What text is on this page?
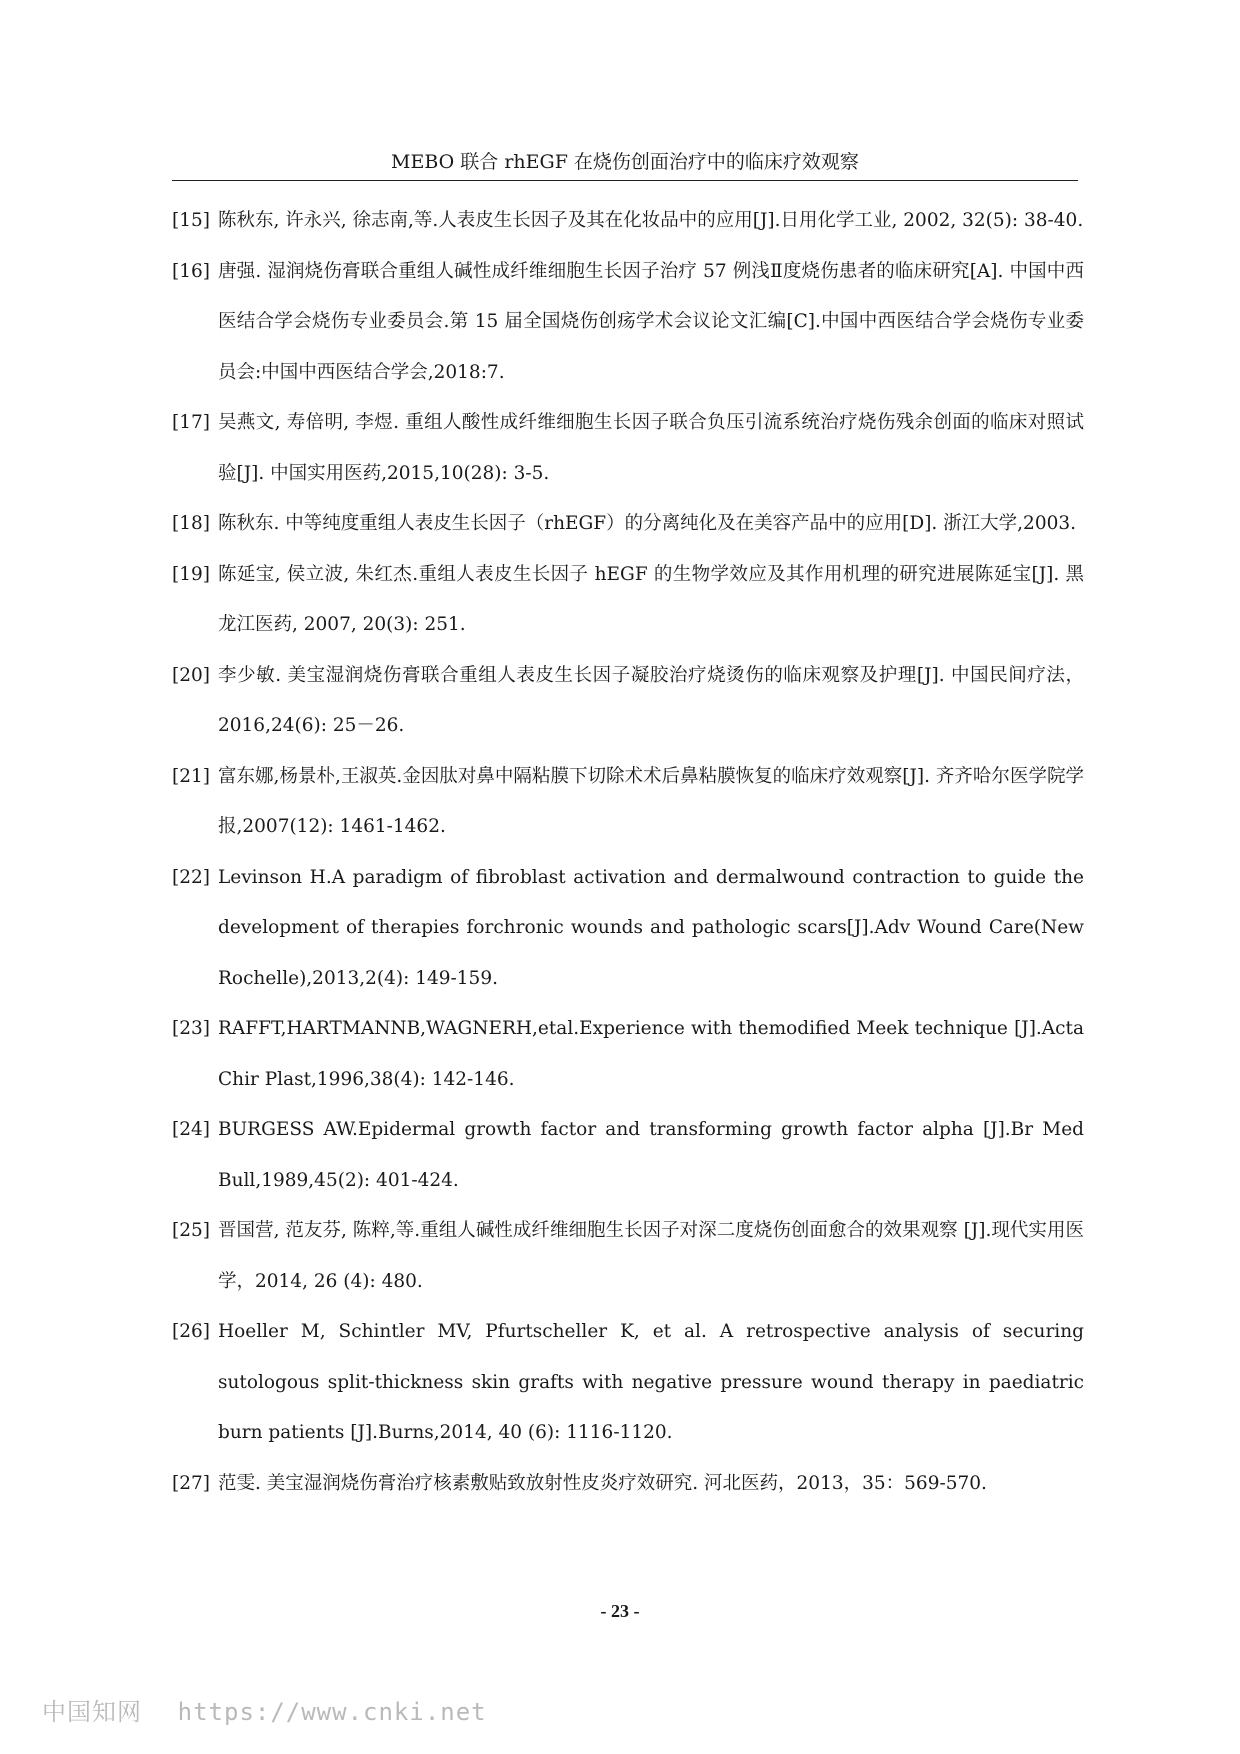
MEBO 联合 rhEGF 在烧伤创面治疗中的临床疗效观察
[15] 陈秋东, 许永兴, 徐志南,等.人表皮生长因子及其在化妆品中的应用[J].日用化学工业, 2002, 32(5): 38-40.
[16] 唐强. 湿润烧伤膏联合重组人碱性成纤维细胞生长因子治疗 57 例浅Ⅱ度烧伤患者的临床研究[A]. 中国中西医结合学会烧伤专业委员会.第 15 届全国烧伤创疡学术会议论文汇编[C].中国中西医结合学会烧伤专业委员会:中国中西医结合学会,2018:7.
[17] 吴燕文, 寿倍明, 李煜. 重组人酸性成纤维细胞生长因子联合负压引流系统治疗烧伤残余创面的临床对照试验[J]. 中国实用医药,2015,10(28): 3-5.
[18] 陈秋东. 中等纯度重组人表皮生长因子（rhEGF）的分离纯化及在美容产品中的应用[D]. 浙江大学,2003.
[19] 陈延宝, 侯立波, 朱红杰.重组人表皮生长因子 hEGF 的生物学效应及其作用机理的研究进展陈延宝[J]. 黑龙江医药, 2007, 20(3): 251.
[20] 李少敏. 美宝湿润烧伤膏联合重组人表皮生长因子凝胶治疗烧烫伤的临床观察及护理[J]. 中国民间疗法，2016,24(6): 25－26.
[21] 富东娜,杨景朴,王淑英.金因肽对鼻中隔粘膜下切除术术后鼻粘膜恢复的临床疗效观察[J]. 齐齐哈尔医学院学报,2007(12): 1461-1462.
[22] Levinson H.A paradigm of fibroblast activation and dermalwound contraction to guide the development of therapies forchronic wounds and pathologic scars[J].Adv Wound Care(New Rochelle),2013,2(4): 149-159.
[23] RAFFT,HARTMANNB,WAGNERH,etal.Experience with themodified Meek technique [J].Acta Chir Plast,1996,38(4): 142-146.
[24] BURGESS AW.Epidermal growth factor and transforming growth factor alpha [J].Br Med Bull,1989,45(2): 401-424.
[25] 晋国营, 范友芬, 陈粹,等.重组人碱性成纤维细胞生长因子对深二度烧伤创面愈合的效果观察 [J].现代实用医学，2014, 26 (4): 480.
[26] Hoeller M, Schintler MV, Pfurtscheller K, et al. A retrospective analysis of securing sutologous split-thickness skin grafts with negative pressure wound therapy in paediatric burn patients [J].Burns,2014, 40 (6): 1116-1120.
[27] 范雯. 美宝湿润烧伤膏治疗核素敷贴致放射性皮炎疗效研究. 河北医药，2013，35：569-570.
- 23 -
中国知网 https://www.cnki.net
